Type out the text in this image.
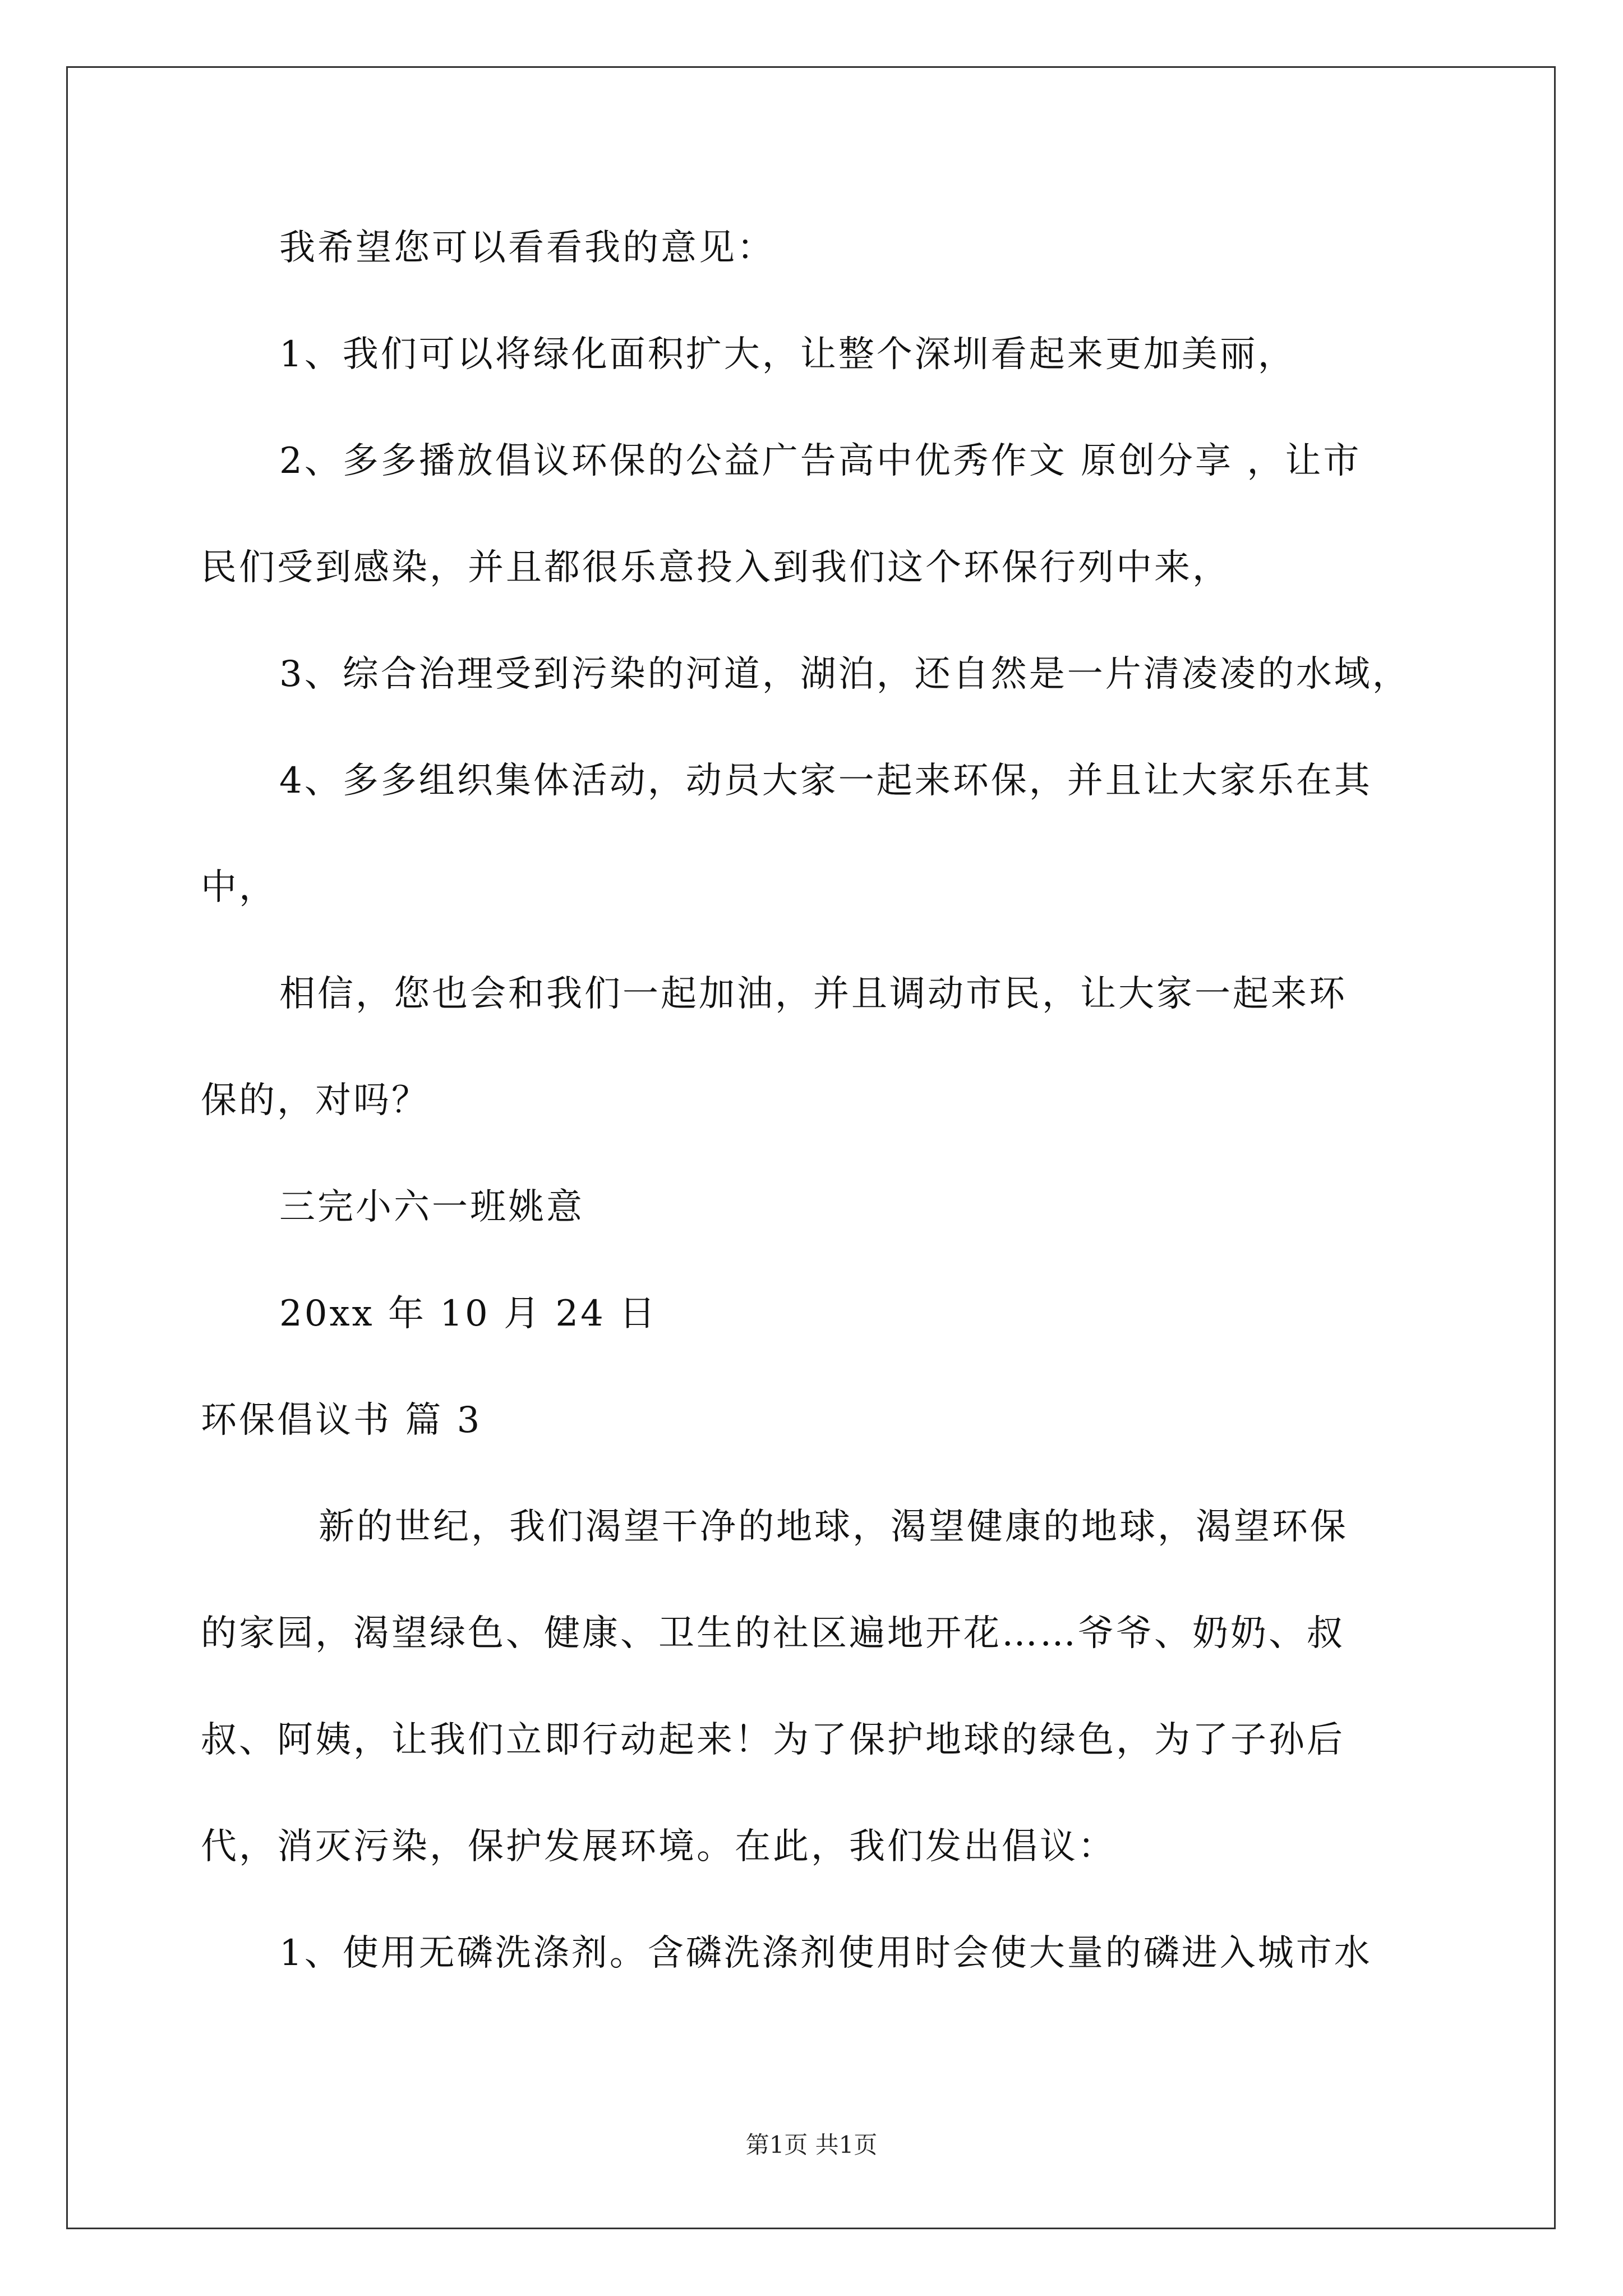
我希望您可以看看我的意见：
1、我们可以将绿化面积扩大，让整个深圳看起来更加美丽，
2、多多播放倡议环保的公益广告高中优秀作文 原创分享 ，让市
民们受到感染，并且都很乐意投入到我们这个环保行列中来，
3、综合治理受到污染的河道，湖泊，还自然是一片清凌凌的水域，
4、多多组织集体活动，动员大家一起来环保，并且让大家乐在其
中，
相信，您也会和我们一起加油，并且调动市民，让大家一起来环
保的，对吗？
三完小六一班姚意
20xx 年 10 月 24 日
环保倡议书 篇 3
新的世纪，我们渴望干净的地球，渴望健康的地球，渴望环保
的家园，渴望绿色、健康、卫生的社区遍地开花……爷爷、奶奶、叔
叔、阿姨，让我们立即行动起来！为了保护地球的绿色，为了子孙后
代，消灭污染，保护发展环境。在此，我们发出倡议：
1、使用无磷洗涤剂。含磷洗涤剂使用时会使大量的磷进入城市水
第1页 共1页
